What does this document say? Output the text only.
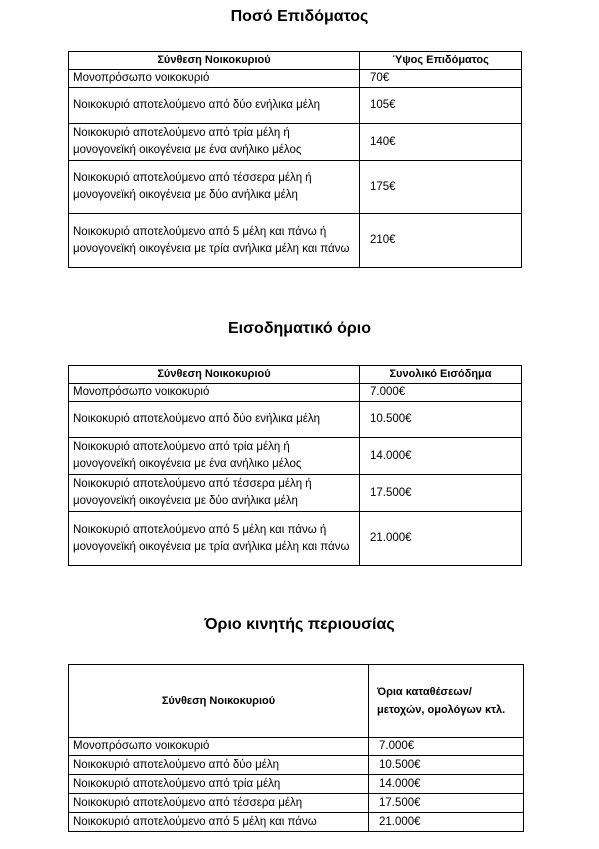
Ποσό Επιδόματος
Σύνθεση Νοικοκυριού	Ύψος Επιδόματος
Μονοπρόσωπο νοικοκυριό	70€
Νοικοκυριό αποτελούμενο από δύο ενήλικα μέλη	105€
Νοικοκυριό αποτελούμενο από τρία μέλη ή μονογονεϊκή οικογένεια με ένα ανήλικο μέλος	140€
Νοικοκυριό αποτελούμενο από τέσσερα μέλη ή μονογονεϊκή οικογένεια με δύο ανήλικα μέλη	175€
Νοικοκυριό αποτελούμενο από 5 μέλη και πάνω ή μονογονεϊκή οικογένεια με τρία ανήλικα μέλη και πάνω	210€
Εισοδηματικό όριο
Σύνθεση Νοικοκυριού	Συνολικό Εισόδημα
Μονοπρόσωπο νοικοκυριό	7.000€
Νοικοκυριό αποτελούμενο από δύο ενήλικα μέλη	10.500€
Νοικοκυριό αποτελούμενο από τρία μέλη ή μονογονεϊκή οικογένεια με ένα ανήλικο μέλος	14.000€
Νοικοκυριό αποτελούμενο από τέσσερα μέλη ή μονογονεϊκή οικογένεια με δύο ανήλικα μέλη	17.500€
Νοικοκυριό αποτελούμενο από 5 μέλη και πάνω ή μονογονεϊκή οικογένεια με τρία ανήλικα μέλη και πάνω	21.000€
Όριο κινητής περιουσίας
Σύνθεση Νοικοκυριού	Όρια καταθέσεων/ μετοχών, ομολόγων κτλ.
Μονοπρόσωπο νοικοκυριό	7.000€
Νοικοκυριό αποτελούμενο από δύο μέλη	10.500€
Νοικοκυριό αποτελούμενο από τρία μέλη	14.000€
Νοικοκυριό αποτελούμενο από τέσσερα μέλη	17.500€
Νοικοκυριό αποτελούμενο από 5 μέλη και πάνω	21.000€
